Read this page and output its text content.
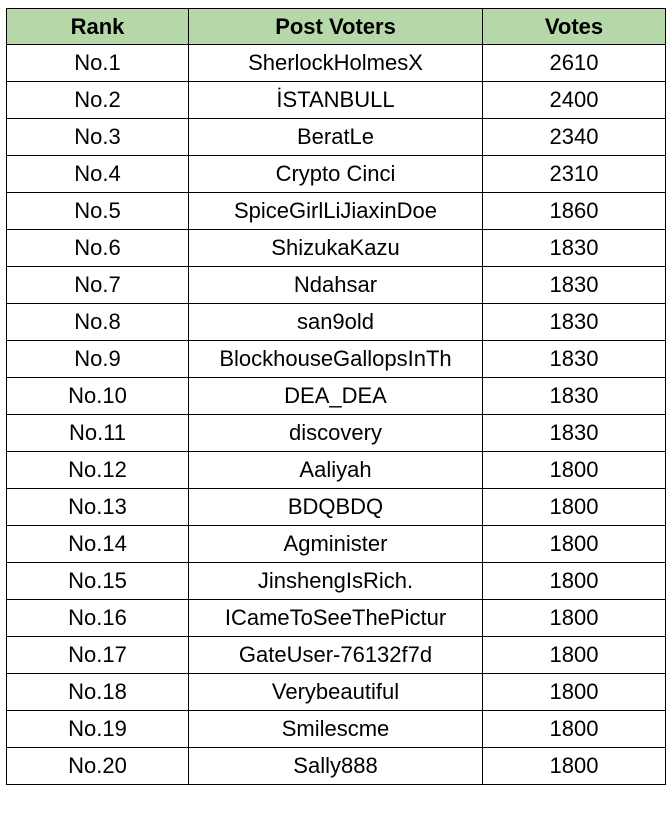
Rank	Post Voters	Votes
No.1	SherlockHolmesX	2610
No.2	İSTANBULL	2400
No.3	BeratLe	2340
No.4	Crypto Cinci	2310
No.5	SpiceGirlLiJiaxinDoe	1860
No.6	ShizukaKazu	1830
No.7	Ndahsar	1830
No.8	san9old	1830
No.9	BlockhouseGallopsInTh	1830
No.10	DEA_DEA	1830
No.11	discovery	1830
No.12	Aaliyah	1800
No.13	BDQBDQ	1800
No.14	Agminister	1800
No.15	JinshengIsRich.	1800
No.16	ICameToSeeThePictur	1800
No.17	GateUser-76132f7d	1800
No.18	Verybeautiful	1800
No.19	Smilescme	1800
No.20	Sally888	1800
